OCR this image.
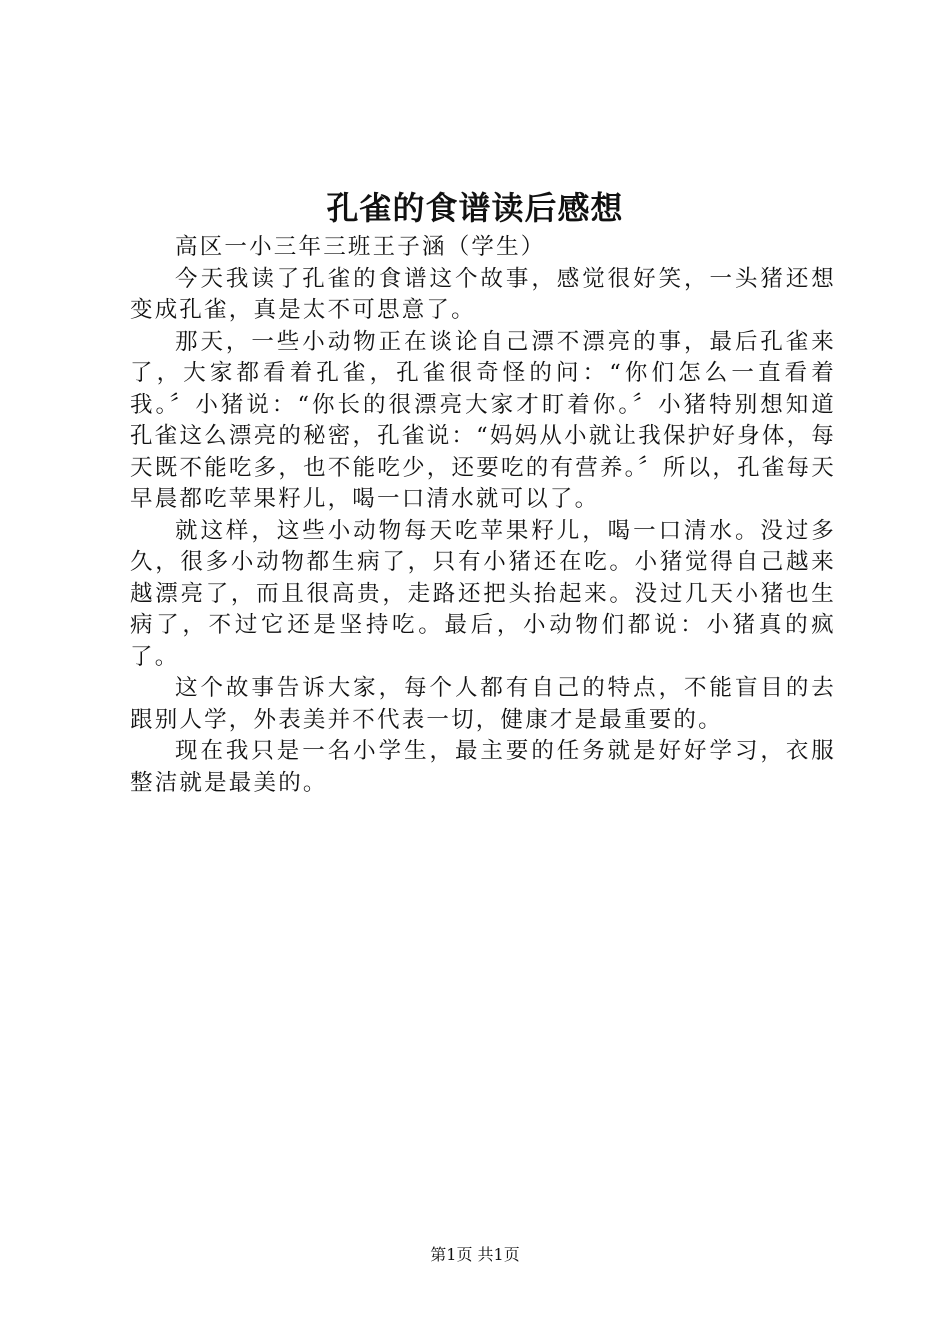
孔雀的食谱读后感想

高区一小三年三班王子涵（学生）

今天我读了孔雀的食谱这个故事，感觉很好笑，一头猪还想变成孔雀，真是太不可思意了。

那天，一些小动物正在谈论自己漂不漂亮的事，最后孔雀来了，大家都看着孔雀，孔雀很奇怪的问：“你们怎么一直看着我。〞小猪说：“你长的很漂亮大家才盯着你。〞小猪特别想知道孔雀这么漂亮的秘密，孔雀说：“妈妈从小就让我保护好身体，每天既不能吃多，也不能吃少，还要吃的有营养。〞所以，孔雀每天早晨都吃苹果籽儿，喝一口清水就可以了。

就这样，这些小动物每天吃苹果籽儿，喝一口清水。没过多久，很多小动物都生病了，只有小猪还在吃。小猪觉得自己越来越漂亮了，而且很高贵，走路还把头抬起来。没过几天小猪也生病了，不过它还是坚持吃。最后，小动物们都说：小猪真的疯了。

这个故事告诉大家，每个人都有自己的特点，不能盲目的去跟别人学，外表美并不代表一切，健康才是最重要的。

现在我只是一名小学生，最主要的任务就是好好学习，衣服整洁就是最美的。

第1页 共1页
